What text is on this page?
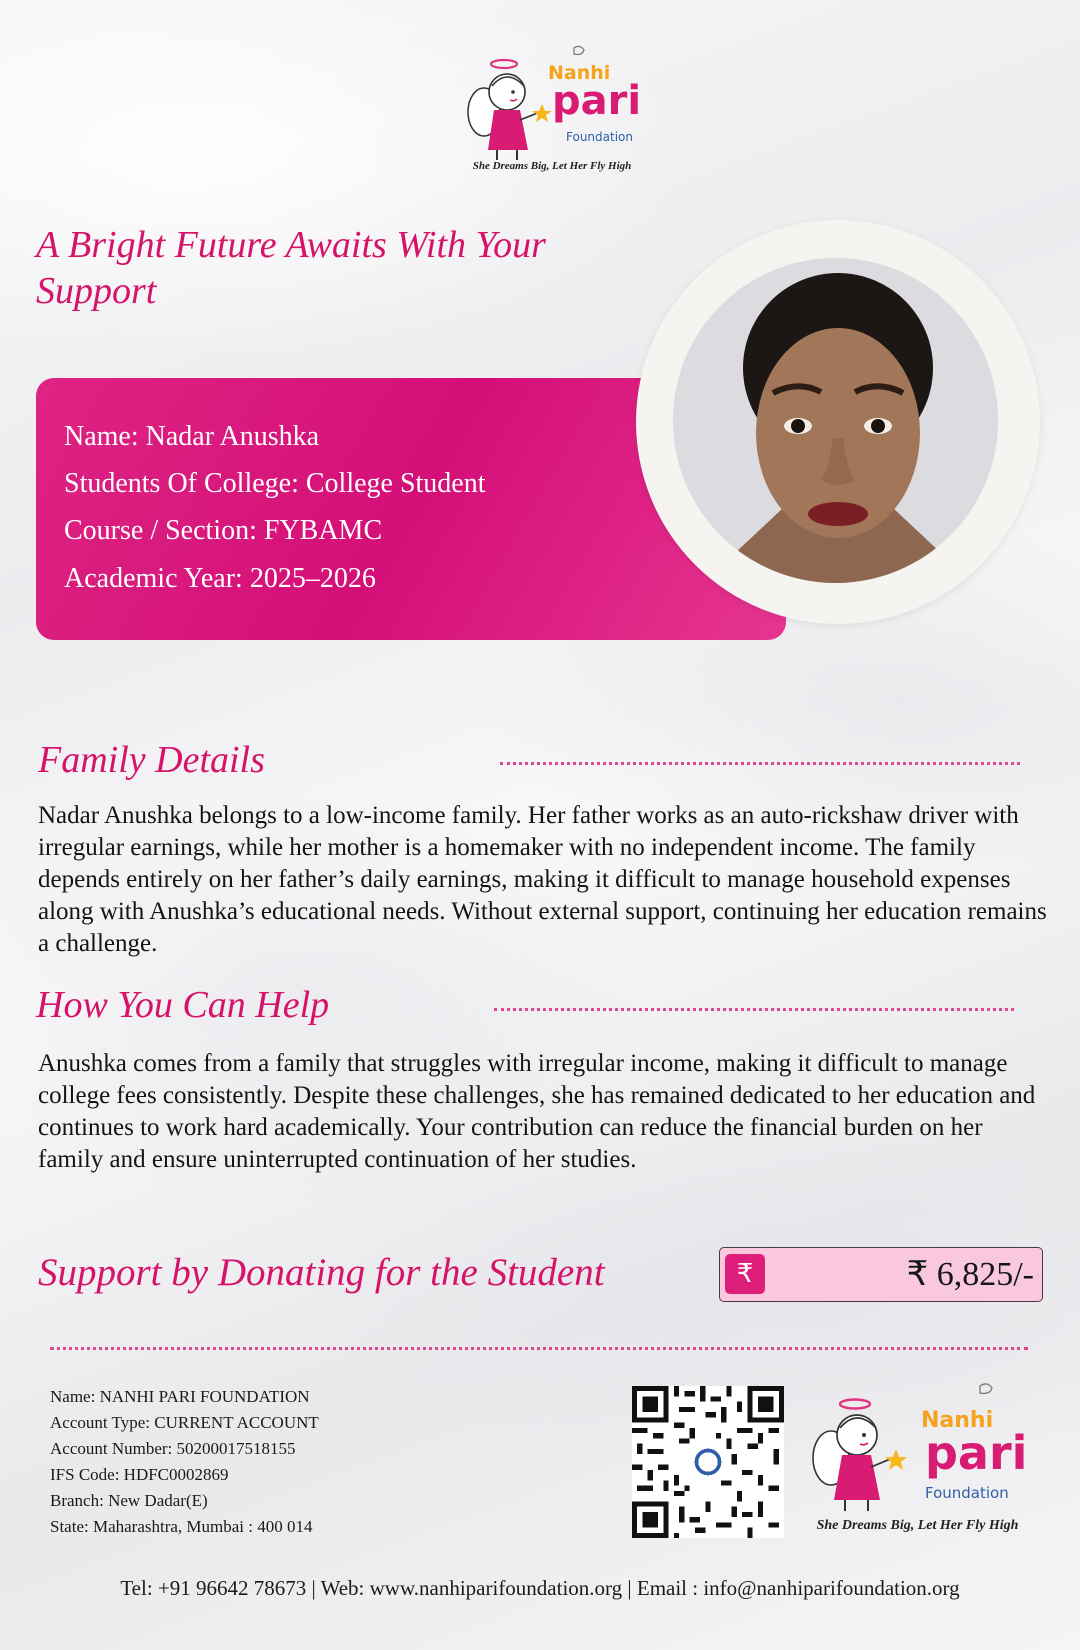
Nanhi
pari
Foundation
She Dreams Big, Let Her Fly High
A Bright Future Awaits With Your
Support
Name: Nadar Anushka
Students Of College: College Student
Course / Section: FYBAMC
Academic Year: 2025–2026
Family Details
Nadar Anushka belongs to a low-income family. Her father works as an auto-rickshaw driver with irregular earnings, while her mother is a homemaker with no independent income. The family depends entirely on her father’s daily earnings, making it difficult to manage household expenses along with Anushka’s educational needs. Without external support, continuing her education remains a challenge.
How You Can Help
Anushka comes from a family that struggles with irregular income, making it difficult to manage college fees consistently. Despite these challenges, she has remained dedicated to her education and continues to work hard academically. Your contribution can reduce the financial burden on her family and ensure uninterrupted continuation of her studies.
Support by Donating for the Student	₹	₹ 6,825/-
Name: NANHI PARI FOUNDATION
Account Type: CURRENT ACCOUNT
Account Number: 50200017518155
IFS Code: HDFC0002869
Branch: New Dadar(E)
State: Maharashtra, Mumbai : 400 014
Nanhi
pari
Foundation
She Dreams Big, Let Her Fly High
Tel: +91 96642 78673 | Web: www.nanhiparifoundation.org | Email : info@nanhiparifoundation.org
